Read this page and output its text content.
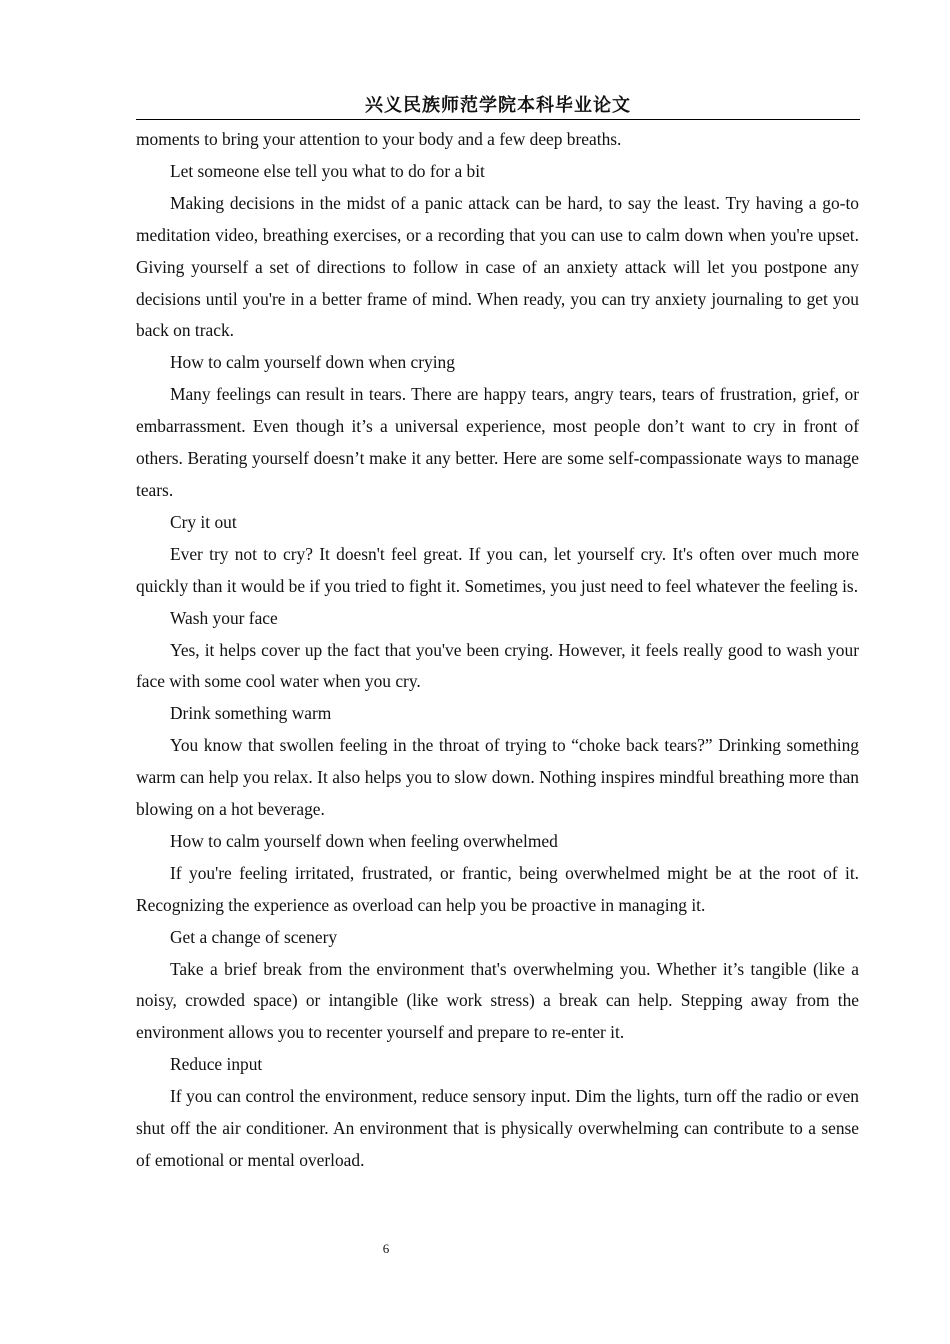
兴义民族师范学院本科毕业论文

moments to bring your attention to your body and a few deep breaths.

Let someone else tell you what to do for a bit

Making decisions in the midst of a panic attack can be hard, to say the least. Try having a go-to meditation video, breathing exercises, or a recording that you can use to calm down when you're upset. Giving yourself a set of directions to follow in case of an anxiety attack will let you postpone any decisions until you're in a better frame of mind. When ready, you can try anxiety journaling to get you back on track.

How to calm yourself down when crying

Many feelings can result in tears. There are happy tears, angry tears, tears of frustration, grief, or embarrassment. Even though it’s a universal experience, most people don’t want to cry in front of others. Berating yourself doesn’t make it any better. Here are some self-compassionate ways to manage tears.

Cry it out

Ever try not to cry? It doesn't feel great. If you can, let yourself cry. It's often over much more quickly than it would be if you tried to fight it. Sometimes, you just need to feel whatever the feeling is.

Wash your face

Yes, it helps cover up the fact that you've been crying. However, it feels really good to wash your face with some cool water when you cry.

Drink something warm

You know that swollen feeling in the throat of trying to “choke back tears?” Drinking something warm can help you relax. It also helps you to slow down. Nothing inspires mindful breathing more than blowing on a hot beverage.

How to calm yourself down when feeling overwhelmed

If you're feeling irritated, frustrated, or frantic, being overwhelmed might be at the root of it. Recognizing the experience as overload can help you be proactive in managing it.

Get a change of scenery

Take a brief break from the environment that's overwhelming you. Whether it’s tangible (like a noisy, crowded space) or intangible (like work stress) a break can help. Stepping away from the environment allows you to recenter yourself and prepare to re-enter it.

Reduce input

If you can control the environment, reduce sensory input. Dim the lights, turn off the radio or even shut off the air conditioner. An environment that is physically overwhelming can contribute to a sense of emotional or mental overload.

6
